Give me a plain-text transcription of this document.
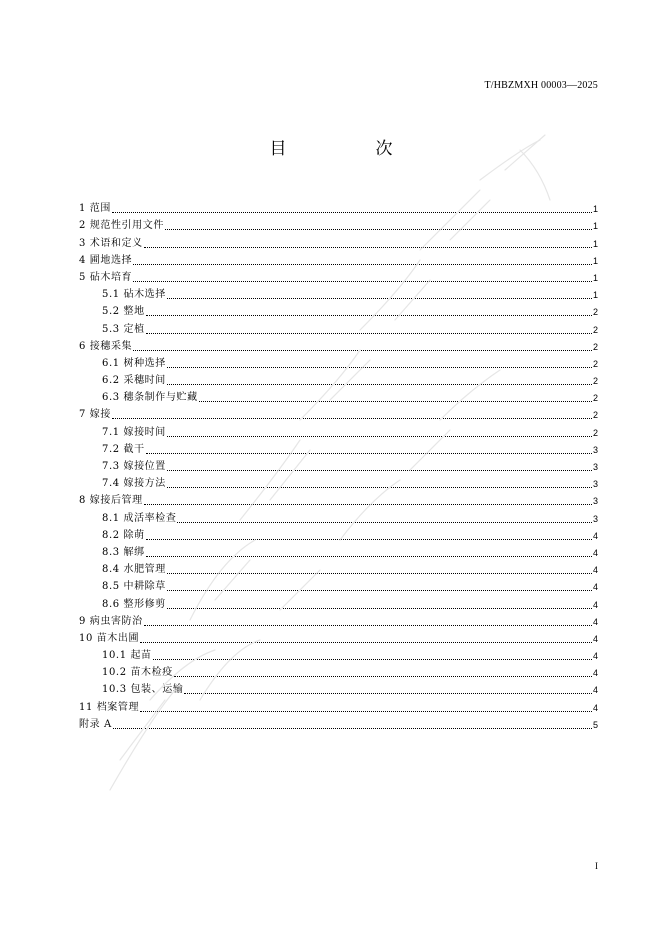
T/HBZMXH 00003—2025
目　次
1 范围	1
2 规范性引用文件	1
3 术语和定义	1
4 圃地选择	1
5 砧木培育	1
5.1 砧木选择	1
5.2 整地	2
5.3 定植	2
6 接穗采集	2
6.1 树种选择	2
6.2 采穗时间	2
6.3 穗条制作与贮藏	2
7 嫁接	2
7.1 嫁接时间	2
7.2 截干	3
7.3 嫁接位置	3
7.4 嫁接方法	3
8 嫁接后管理	3
8.1 成活率检查	3
8.2 除萌	4
8.3 解绑	4
8.4 水肥管理	4
8.5 中耕除草	4
8.6 整形修剪	4
9 病虫害防治	4
10 苗木出圃	4
10.1 起苗	4
10.2 苗木检疫	4
10.3 包装、运输	4
11 档案管理	4
附录 A	5
I
